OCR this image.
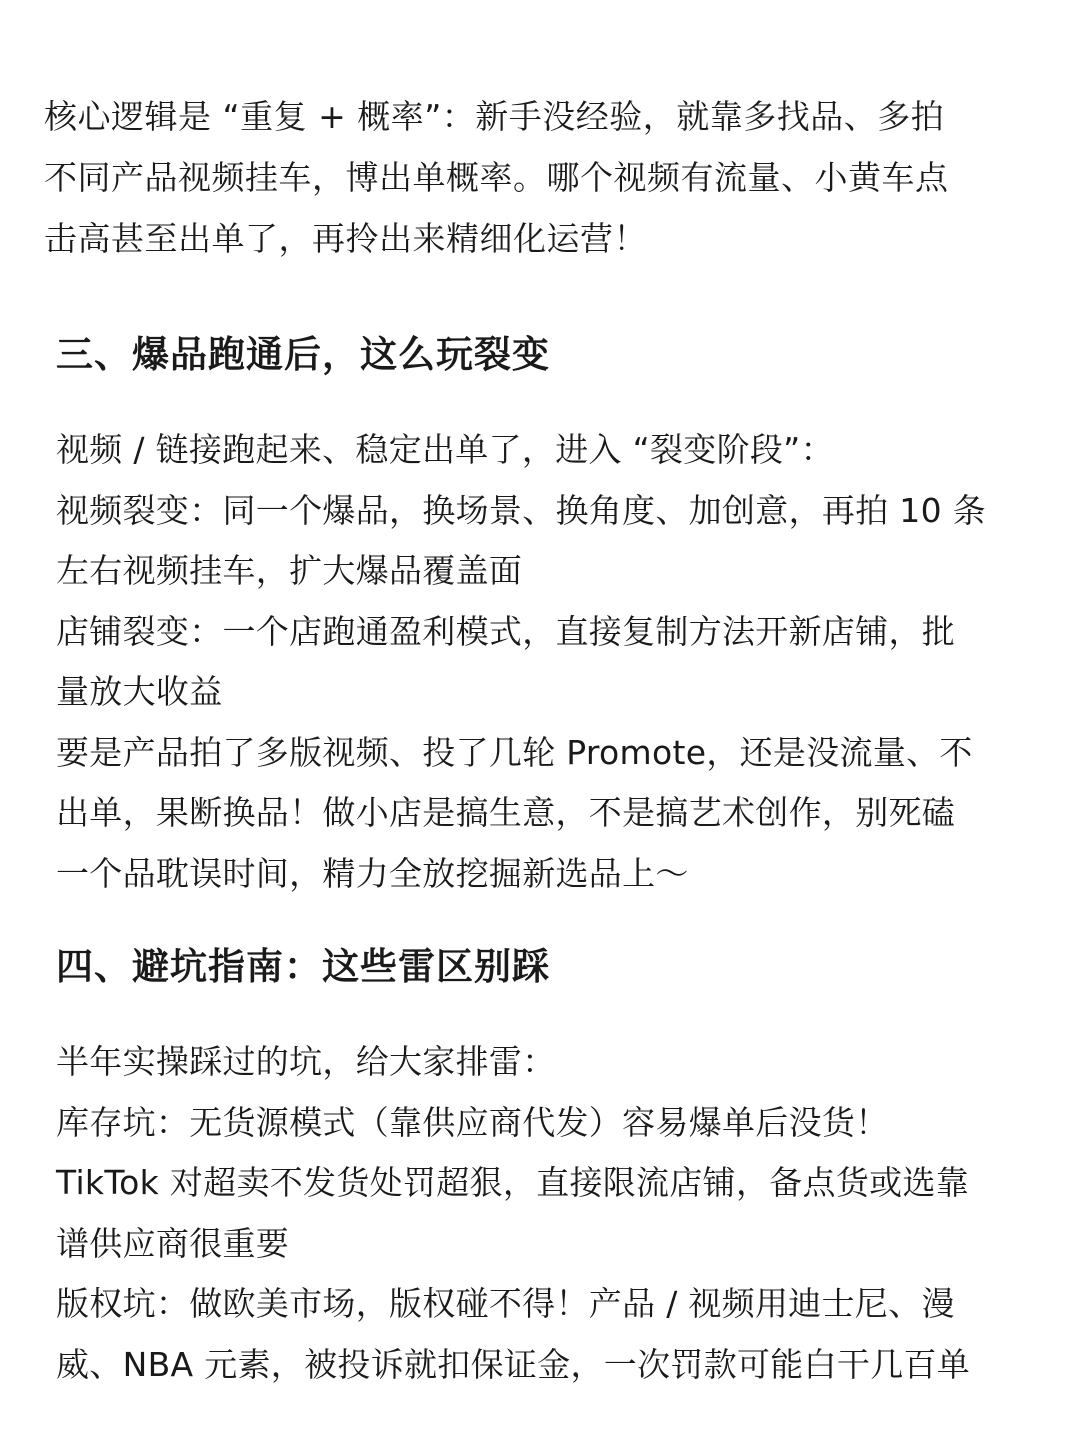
核心逻辑是 “重复 + 概率”：新手没经验，就靠多找品、多拍

不同产品视频挂车，博出单概率。哪个视频有流量、小黄车点

击高甚至出单了，再拎出来精细化运营！

三、爆品跑通后，这么玩裂变

视频 / 链接跑起来、稳定出单了，进入 “裂变阶段”：

视频裂变：同一个爆品，换场景、换角度、加创意，再拍 10 条

左右视频挂车，扩大爆品覆盖面

店铺裂变：一个店跑通盈利模式，直接复制方法开新店铺，批

量放大收益

要是产品拍了多版视频、投了几轮 Promote，还是没流量、不

出单，果断换品！做小店是搞生意，不是搞艺术创作，别死磕

一个品耽误时间，精力全放挖掘新选品上～

四、避坑指南：这些雷区别踩

半年实操踩过的坑，给大家排雷：

库存坑：无货源模式（靠供应商代发）容易爆单后没货！

TikTok 对超卖不发货处罚超狠，直接限流店铺，备点货或选靠

谱供应商很重要

版权坑：做欧美市场，版权碰不得！产品 / 视频用迪士尼、漫

威、NBA 元素，被投诉就扣保证金，一次罚款可能白干几百单
